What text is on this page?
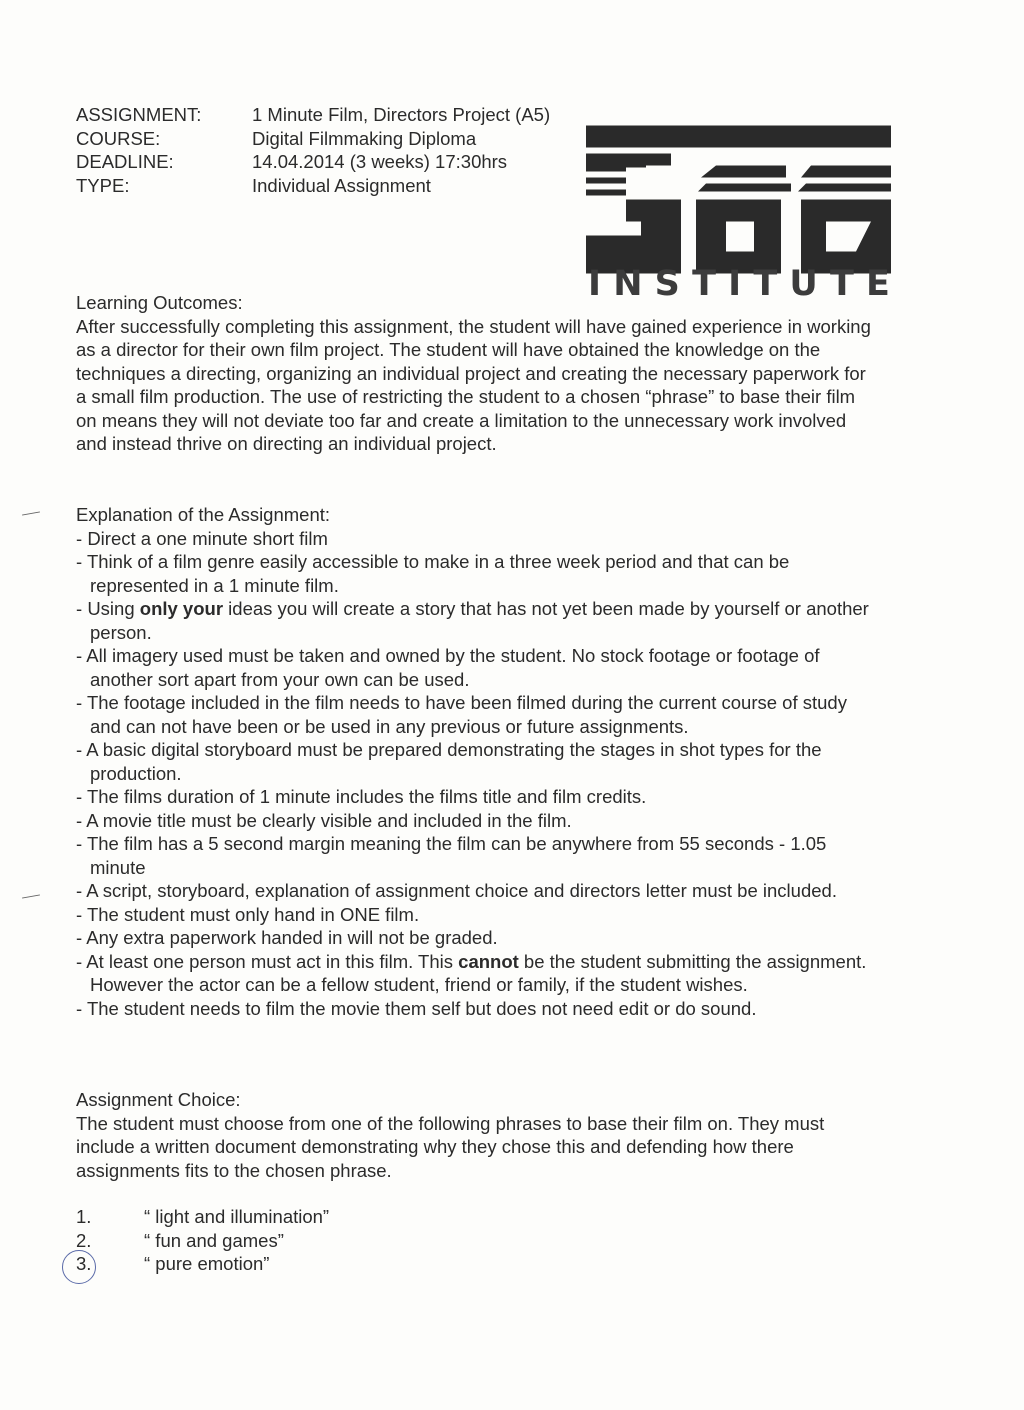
ASSIGNMENT:	1 Minute Film, Directors Project (A5)
COURSE:	Digital Filmmaking Diploma
DEADLINE:	14.04.2014 (3 weeks) 17:30hrs
TYPE:	Individual Assignment
I N S T I T U T E

Learning Outcomes:

After successfully completing this assignment, the student will have gained experience in working as a director for their own film project. The student will have obtained the knowledge on the techniques a directing, organizing an individual project and creating the necessary paperwork for a small film production. The use of restricting the student to a chosen “phrase” to base their film on means they will not deviate too far and create a limitation to the unnecessary work involved and instead thrive on directing an individual project.

Explanation of the Assignment:

- Direct a one minute short film
- Think of a film genre easily accessible to make in a three week period and that can be represented in a 1 minute film.
- Using only your ideas you will create a story that has not yet been made by yourself or another person.
- All imagery used must be taken and owned by the student. No stock footage or footage of another sort apart from your own can be used.
- The footage included in the film needs to have been filmed during the current course of study and can not have been or be used in any previous or future assignments.
- A basic digital storyboard must be prepared demonstrating the stages in shot types for the production.
- The films duration of 1 minute includes the films title and film credits.
- A movie title must be clearly visible and included in the film.
- The film has a 5 second margin meaning the film can be anywhere from 55 seconds - 1.05 minute
- A script, storyboard, explanation of assignment choice and directors letter must be included.
- The student must only hand in ONE film.
- Any extra paperwork handed in will not be graded.
- At least one person must act in this film. This cannot be the student submitting the assignment. However the actor can be a fellow student, friend or family, if the student wishes.
- The student needs to film the movie them self but does not need edit or do sound.

Assignment Choice:

The student must choose from one of the following phrases to base their film on. They must include a written document demonstrating why they chose this and defending how there assignments fits to the chosen phrase.

1.	“ light and illumination”
2.	“ fun and games”
3.	“ pure emotion”
